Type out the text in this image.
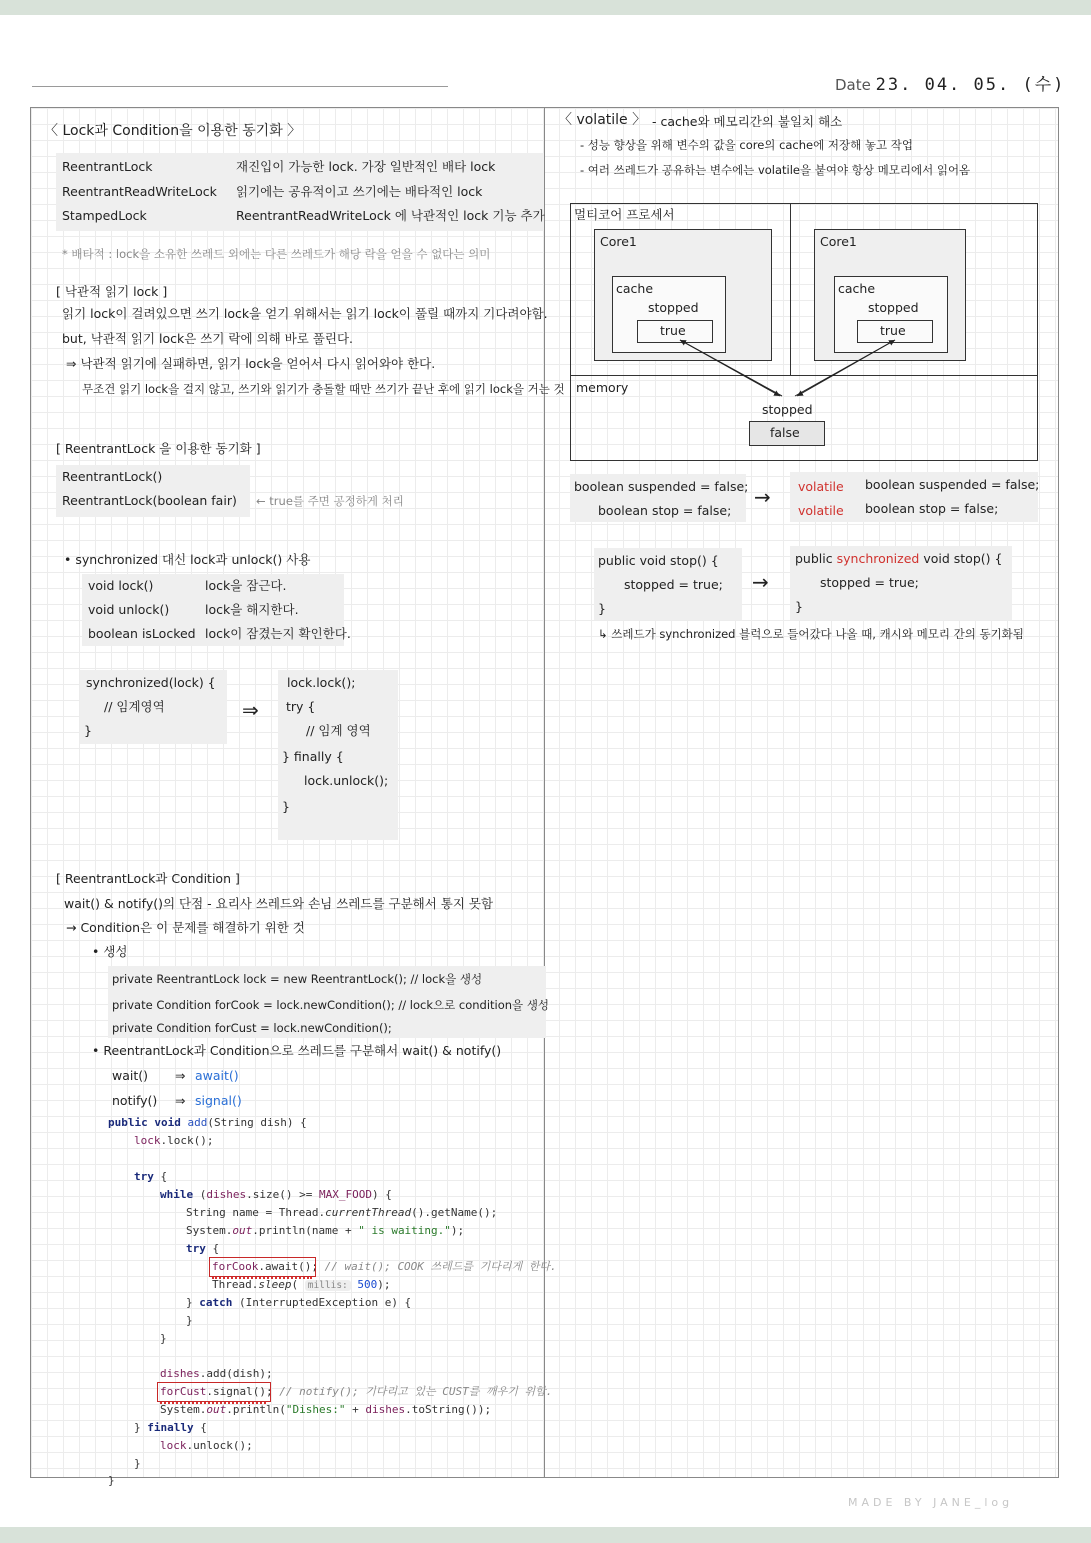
Date 23. 04. 05. (수)
〈 Lock과 Condition을 이용한 동기화 〉
ReentrantLock	재진입이 가능한 lock. 가장 일반적인 배타 lock
ReentrantReadWriteLock 읽기에는 공유적이고 쓰기에는 배타적인 lock
StampedLock	ReentrantReadWriteLock 에 낙관적인 lock 기능 추가
* 배타적 : lock을 소유한 쓰레드 외에는 다른 쓰레드가 해당 락을 얻을 수 없다는 의미
[ 낙관적 읽기 lock ]
읽기 lock이 걸려있으면 쓰기 lock을 얻기 위해서는 읽기 lock이 풀릴 때까지 기다려야함.
but, 낙관적 읽기 lock은 쓰기 락에 의해 바로 풀린다.
⇒ 낙관적 읽기에 실패하면, 읽기 lock을 얻어서 다시 읽어와야 한다.
무조건 읽기 lock을 걸지 않고, 쓰기와 읽기가 충돌할 때만 쓰기가 끝난 후에 읽기 lock을 거는 것
[ ReentrantLock 을 이용한 동기화 ]
ReentrantLock()
ReentrantLock(boolean fair) ← true를 주면 공정하게 처리
• synchronized 대신 lock과 unlock() 사용
void lock()	lock을 잠근다.
void unlock()	lock을 해지한다.
boolean isLocked lock이 잠겼는지 확인한다.
synchronized(lock) {
// 임계영역
}
⇒
lock.lock();
try {
// 임계 영역
} finally {
lock.unlock();
}
[ ReentrantLock과 Condition ]
wait() & notify()의 단점 - 요리사 쓰레드와 손님 쓰레드를 구분해서 통지 못함
→ Condition은 이 문제를 해결하기 위한 것
• 생성
private ReentrantLock lock = new ReentrantLock(); // lock을 생성
private Condition forCook = lock.newCondition(); // lock으로 condition을 생성
private Condition forCust = lock.newCondition();
• ReentrantLock과 Condition으로 쓰레드를 구분해서 wait() & notify()
wait() ⇒ await()
notify() ⇒ signal()
public void add(String dish) {
lock.lock();
try {
while (dishes.size() >= MAX_FOOD) {
String name = Thread.currentThread().getName();
System.out.println(name + " is waiting.");
try {
forCook.await(); // wait(); COOK 쓰레드를 기다리게 한다.
Thread.sleep( millis: 500);
} catch (InterruptedException e) {
}
}
dishes.add(dish);
forCust.signal(); // notify(); 기다리고 있는 CUST를 깨우기 위함.
System.out.println("Dishes:" + dishes.toString());
} finally {
lock.unlock();
}
}
〈 volatile 〉 - cache와 메모리간의 불일치 해소
- 성능 향상을 위해 변수의 값을 core의 cache에 저장해 놓고 작업
- 여러 쓰레드가 공유하는 변수에는 volatile을 붙여야 항상 메모리에서 읽어옴
멀티코어 프로세서
Core1
cache
stopped
true
Core1
cache
stopped
true
memory
stopped
false
boolean suspended = false;
boolean stop = false;
→ volatile boolean suspended = false;
volatile boolean stop = false;
public void stop() {
stopped = true;
}
→
public synchronized void stop() {
stopped = true;
}
↳ 쓰레드가 synchronized 블럭으로 들어갔다 나올 때, 캐시와 메모리 간의 동기화됨
MADE BY JANE_log
